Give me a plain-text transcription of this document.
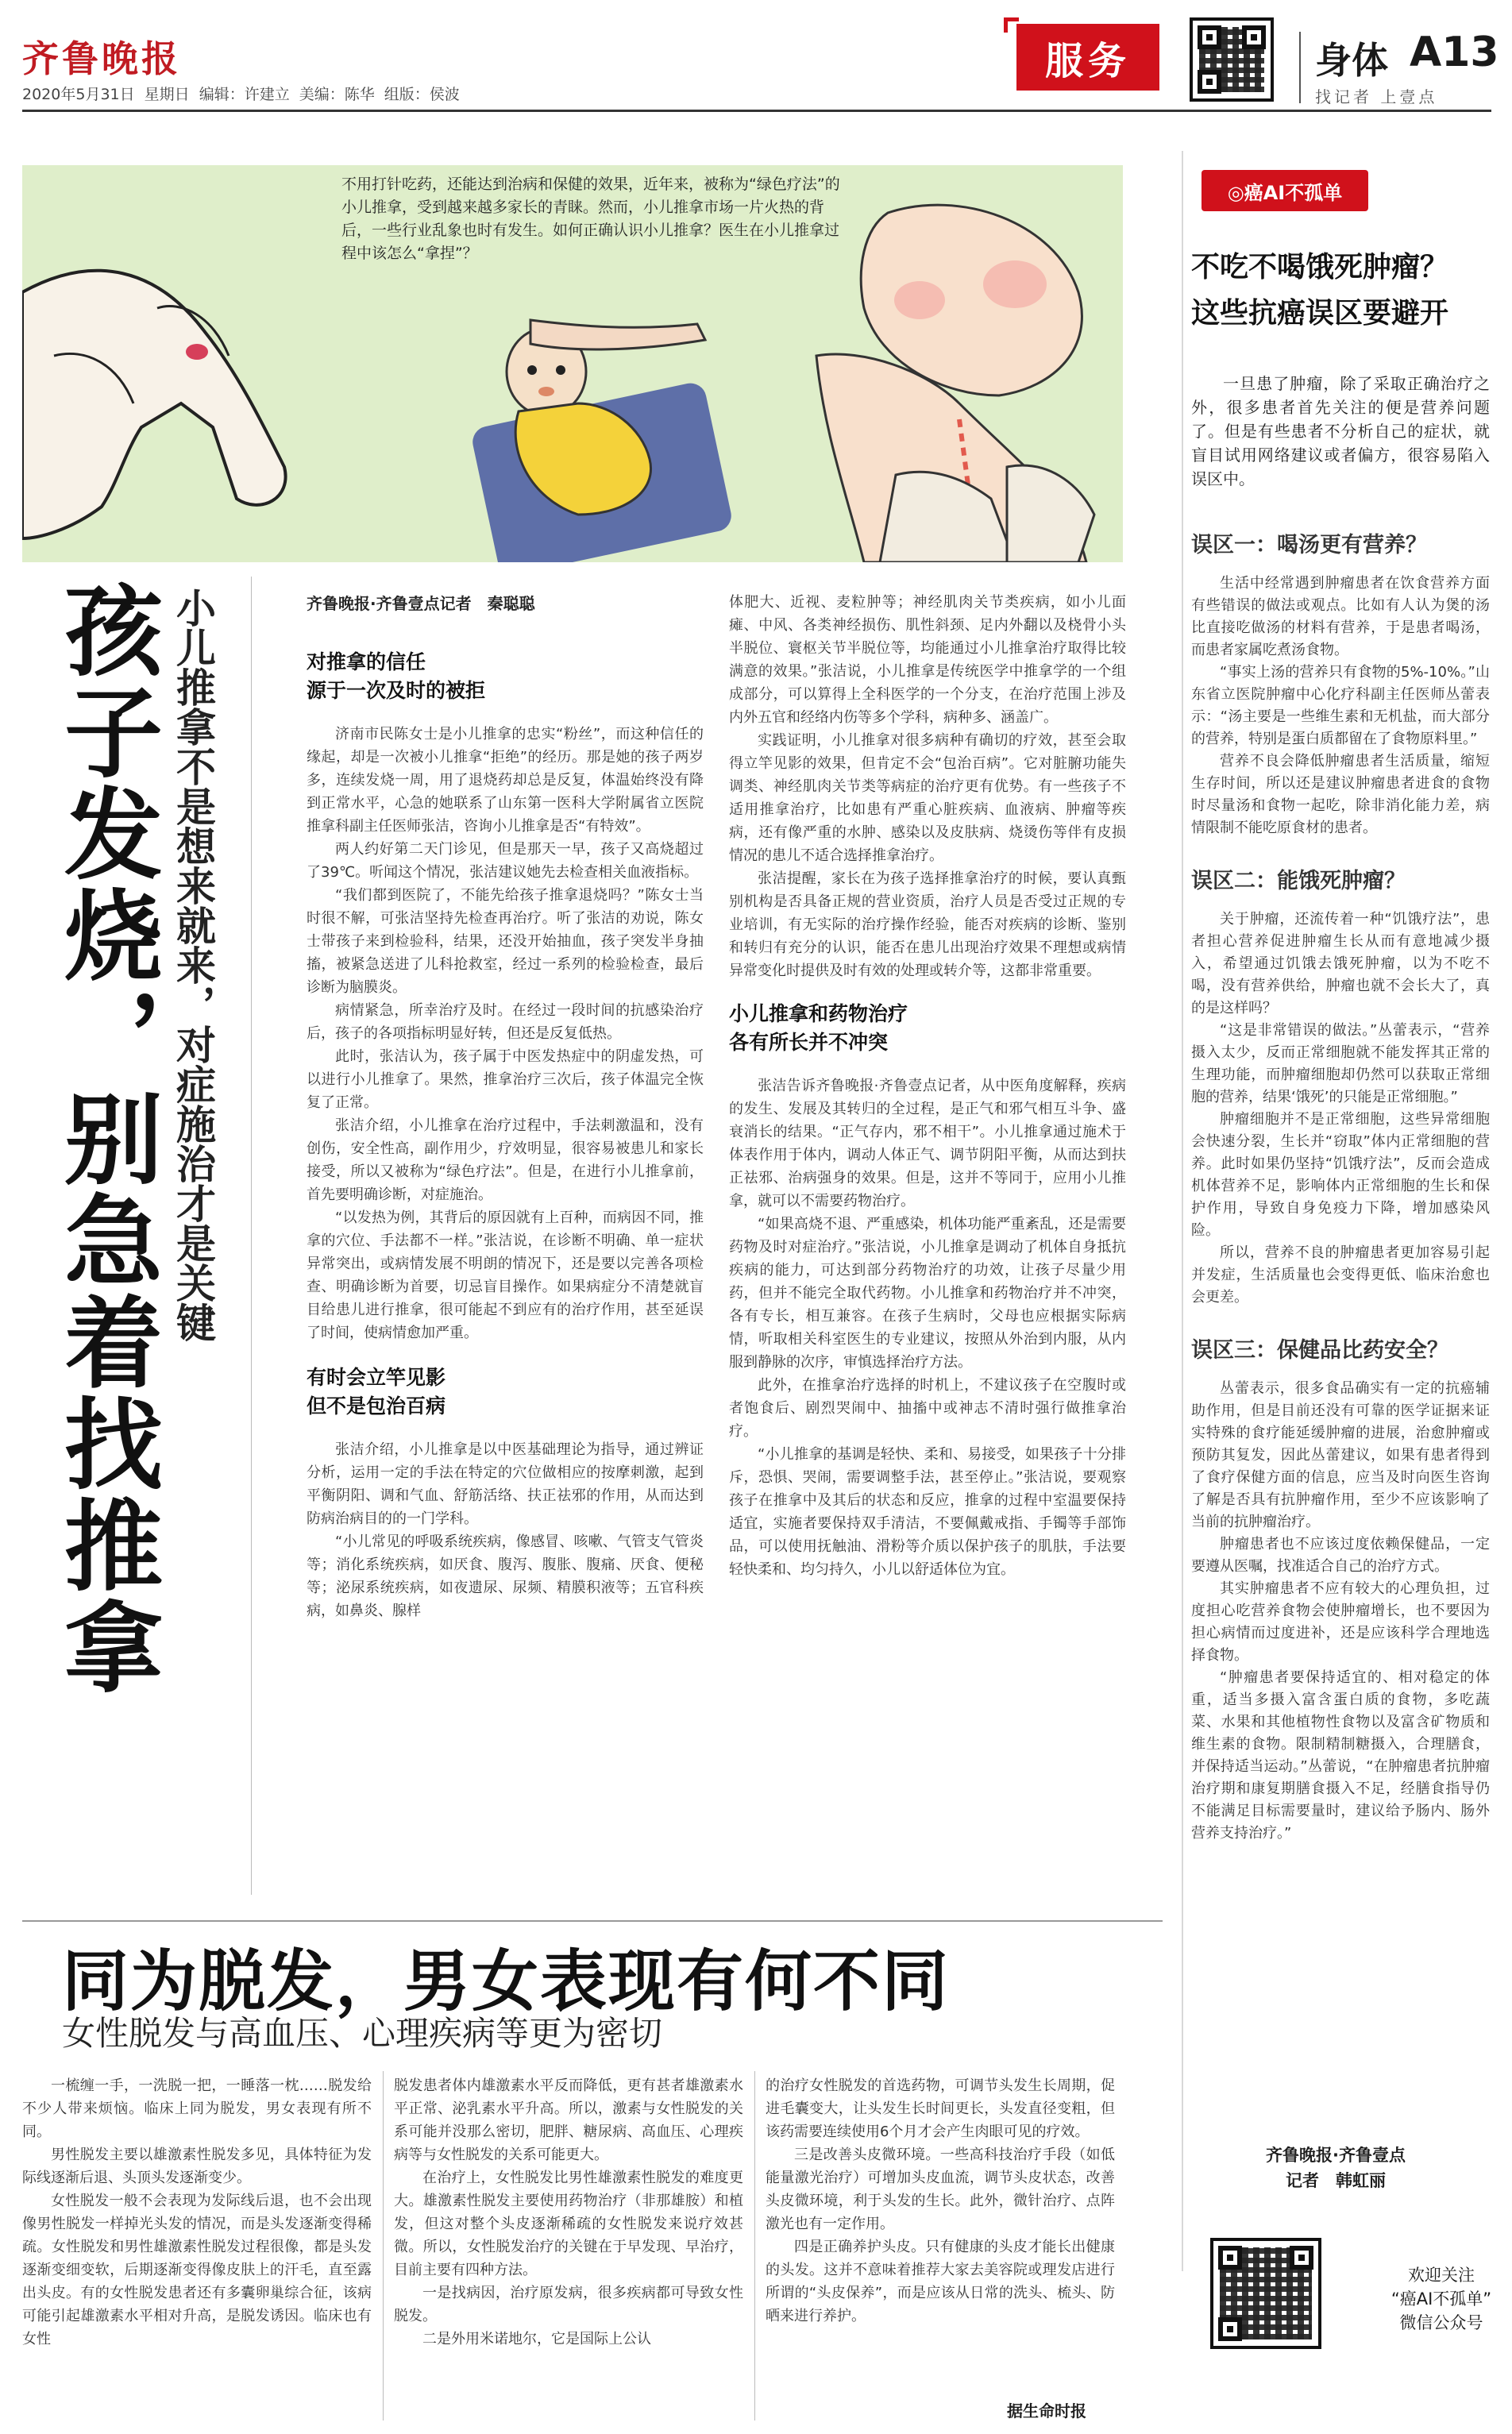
齐鲁晚报
2020年5月31日 星期日 编辑：许建立 美编：陈华 组版：侯波
服务	身体 A13
找记者 上壹点
不用打针吃药，还能达到治病和保健的效果，近年来，被称为“绿色疗法”的小儿推拿，受到越来越多家长的青睐。然而，小儿推拿市场一片火热的背后，一些行业乱象也时有发生。如何正确认识小儿推拿？医生在小儿推拿过程中该怎么“拿捏”？
孩子发烧，别急着找推拿 小儿推拿不是想来就来，对症施治才是关键	齐鲁晚报·齐鲁壹点记者　秦聪聪
对推拿的信任
源于一次及时的被拒

济南市民陈女士是小儿推拿的忠实“粉丝”，而这种信任的缘起，却是一次被小儿推拿“拒绝”的经历。那是她的孩子两岁多，连续发烧一周，用了退烧药却总是反复，体温始终没有降到正常水平，心急的她联系了山东第一医科大学附属省立医院推拿科副主任医师张洁，咨询小儿推拿是否“有特效”。

两人约好第二天门诊见，但是那天一早，孩子又高烧超过了39℃。听闻这个情况，张洁建议她先去检查相关血液指标。

“我们都到医院了，不能先给孩子推拿退烧吗？”陈女士当时很不解，可张洁坚持先检查再治疗。听了张洁的劝说，陈女士带孩子来到检验科，结果，还没开始抽血，孩子突发半身抽搐，被紧急送进了儿科抢救室，经过一系列的检验检查，最后诊断为脑膜炎。

病情紧急，所幸治疗及时。在经过一段时间的抗感染治疗后，孩子的各项指标明显好转，但还是反复低热。

此时，张洁认为，孩子属于中医发热症中的阴虚发热，可以进行小儿推拿了。果然，推拿治疗三次后，孩子体温完全恢复了正常。

张洁介绍，小儿推拿在治疗过程中，手法刺激温和，没有创伤，安全性高，副作用少，疗效明显，很容易被患儿和家长接受，所以又被称为“绿色疗法”。但是，在进行小儿推拿前，首先要明确诊断，对症施治。

“以发热为例，其背后的原因就有上百种，而病因不同，推拿的穴位、手法都不一样。”张洁说，在诊断不明确、单一症状异常突出，或病情发展不明朗的情况下，还是要以完善各项检查、明确诊断为首要，切忌盲目操作。如果病症分不清楚就盲目给患儿进行推拿，很可能起不到应有的治疗作用，甚至延误了时间，使病情愈加严重。

有时会立竿见影
但不是包治百病

张洁介绍，小儿推拿是以中医基础理论为指导，通过辨证分析，运用一定的手法在特定的穴位做相应的按摩刺激，起到平衡阴阳、调和气血、舒筋活络、扶正祛邪的作用，从而达到防病治病目的的一门学科。

“小儿常见的呼吸系统疾病，像感冒、咳嗽、气管支气管炎等；消化系统疾病，如厌食、腹泻、腹胀、腹痛、厌食、便秘等；泌尿系统疾病，如夜遗尿、尿频、精膜积液等；五官科疾病，如鼻炎、腺样

体肥大、近视、麦粒肿等；神经肌肉关节类疾病，如小儿面瘫、中风、各类神经损伤、肌性斜颈、足内外翻以及桡骨小头半脱位、寰枢关节半脱位等，均能通过小儿推拿治疗取得比较满意的效果。”张洁说，小儿推拿是传统医学中推拿学的一个组成部分，可以算得上全科医学的一个分支，在治疗范围上涉及内外五官和经络内伤等多个学科，病种多、涵盖广。

实践证明，小儿推拿对很多病种有确切的疗效，甚至会取得立竿见影的效果，但肯定不会“包治百病”。它对脏腑功能失调类、神经肌肉关节类等病症的治疗更有优势。有一些孩子不适用推拿治疗，比如患有严重心脏疾病、血液病、肿瘤等疾病，还有像严重的水肿、感染以及皮肤病、烧烫伤等伴有皮损情况的患儿不适合选择推拿治疗。

张洁提醒，家长在为孩子选择推拿治疗的时候，要认真甄别机构是否具备正规的营业资质，治疗人员是否受过正规的专业培训，有无实际的治疗操作经验，能否对疾病的诊断、鉴别和转归有充分的认识，能否在患儿出现治疗效果不理想或病情异常变化时提供及时有效的处理或转介等，这都非常重要。

小儿推拿和药物治疗
各有所长并不冲突

张洁告诉齐鲁晚报·齐鲁壹点记者，从中医角度解释，疾病的发生、发展及其转归的全过程，是正气和邪气相互斗争、盛衰消长的结果。“正气存内，邪不相干”。小儿推拿通过施术于体表作用于体内，调动人体正气、调节阴阳平衡，从而达到扶正祛邪、治病强身的效果。但是，这并不等同于，应用小儿推拿，就可以不需要药物治疗。

“如果高烧不退、严重感染，机体功能严重紊乱，还是需要药物及时对症治疗。”张洁说，小儿推拿是调动了机体自身抵抗疾病的能力，可达到部分药物治疗的功效，让孩子尽量少用药，但并不能完全取代药物。小儿推拿和药物治疗并不冲突，各有专长，相互兼容。在孩子生病时，父母也应根据实际病情，听取相关科室医生的专业建议，按照从外治到内服，从内服到静脉的次序，审慎选择治疗方法。

此外，在推拿治疗选择的时机上，不建议孩子在空腹时或者饱食后、剧烈哭闹中、抽搐中或神志不清时强行做推拿治疗。

“小儿推拿的基调是轻快、柔和、易接受，如果孩子十分排斥，恐惧、哭闹，需要调整手法，甚至停止。”张洁说，要观察孩子在推拿中及其后的状态和反应，推拿的过程中室温要保持适宜，实施者要保持双手清洁，不要佩戴戒指、手镯等手部饰品，可以使用抚触油、滑粉等介质以保护孩子的肌肤，手法要轻快柔和、均匀持久，小儿以舒适体位为宜。

◎癌AI不孤单
不吃不喝饿死肿瘤？
这些抗癌误区要避开
一旦患了肿瘤，除了采取正确治疗之外，很多患者首先关注的便是营养问题了。但是有些患者不分析自己的症状，就盲目试用网络建议或者偏方，很容易陷入误区中。
误区一：喝汤更有营养？

生活中经常遇到肿瘤患者在饮食营养方面有些错误的做法或观点。比如有人认为煲的汤比直接吃做汤的材料有营养，于是患者喝汤，而患者家属吃煮汤食物。

“事实上汤的营养只有食物的5%-10%。”山东省立医院肿瘤中心化疗科副主任医师丛蕾表示：“汤主要是一些维生素和无机盐，而大部分的营养，特别是蛋白质都留在了食物原料里。”

营养不良会降低肿瘤患者生活质量，缩短生存时间，所以还是建议肿瘤患者进食的食物时尽量汤和食物一起吃，除非消化能力差，病情限制不能吃原食材的患者。

误区二：能饿死肿瘤？

关于肿瘤，还流传着一种“饥饿疗法”，患者担心营养促进肿瘤生长从而有意地减少摄入，希望通过饥饿去饿死肿瘤，以为不吃不喝，没有营养供给，肿瘤也就不会长大了，真的是这样吗？

“这是非常错误的做法。”丛蕾表示，“营养摄入太少，反而正常细胞就不能发挥其正常的生理功能，而肿瘤细胞却仍然可以获取正常细胞的营养，结果‘饿死’的只能是正常细胞。”

肿瘤细胞并不是正常细胞，这些异常细胞会快速分裂，生长并“窃取”体内正常细胞的营养。此时如果仍坚持“饥饿疗法”，反而会造成机体营养不足，影响体内正常细胞的生长和保护作用，导致自身免疫力下降，增加感染风险。

所以，营养不良的肿瘤患者更加容易引起并发症，生活质量也会变得更低、临床治愈也会更差。

误区三：保健品比药安全？

丛蕾表示，很多食品确实有一定的抗癌辅助作用，但是目前还没有可靠的医学证据来证实特殊的食疗能延缓肿瘤的进展，治愈肿瘤或预防其复发，因此丛蕾建议，如果有患者得到了食疗保健方面的信息，应当及时向医生咨询了解是否具有抗肿瘤作用，至少不应该影响了当前的抗肿瘤治疗。

肿瘤患者也不应该过度依赖保健品，一定要遵从医嘱，找准适合自己的治疗方式。

其实肿瘤患者不应有较大的心理负担，过度担心吃营养食物会使肿瘤增长，也不要因为担心病情而过度进补，还是应该科学合理地选择食物。

“肿瘤患者要保持适宜的、相对稳定的体重，适当多摄入富含蛋白质的食物，多吃蔬菜、水果和其他植物性食物以及富含矿物质和维生素的食物。限制精制糖摄入，合理膳食，并保持适当运动。”丛蕾说，“在肿瘤患者抗肿瘤治疗期和康复期膳食摄入不足，经膳食指导仍不能满足目标需要量时，建议给予肠内、肠外营养支持治疗。”

齐鲁晚报·齐鲁壹点
记者　韩虹丽
欢迎关注
“癌AI不孤单”
微信公众号
同为脱发，男女表现有何不同
女性脱发与高血压、心理疾病等更为密切

一梳缠一手，一洗脱一把，一睡落一枕……脱发给不少人带来烦恼。临床上同为脱发，男女表现有所不同。

男性脱发主要以雄激素性脱发多见，具体特征为发际线逐渐后退、头顶头发逐渐变少。

女性脱发一般不会表现为发际线后退，也不会出现像男性脱发一样掉光头发的情况，而是头发逐渐变得稀疏。女性脱发和男性雄激素性脱发过程很像，都是头发逐渐变细变软，后期逐渐变得像皮肤上的汗毛，直至露出头皮。有的女性脱发患者还有多囊卵巢综合征，该病可能引起雄激素水平相对升高，是脱发诱因。临床也有女性

脱发患者体内雄激素水平反而降低，更有甚者雄激素水平正常、泌乳素水平升高。所以，激素与女性脱发的关系可能并没那么密切，肥胖、糖尿病、高血压、心理疾病等与女性脱发的关系可能更大。

在治疗上，女性脱发比男性雄激素性脱发的难度更大。雄激素性脱发主要使用药物治疗（非那雄胺）和植发，但这对整个头皮逐渐稀疏的女性脱发来说疗效甚微。所以，女性脱发治疗的关键在于早发现、早治疗，目前主要有四种方法。

一是找病因，治疗原发病，很多疾病都可导致女性脱发。

二是外用米诺地尔，它是国际上公认

的治疗女性脱发的首选药物，可调节头发生长周期，促进毛囊变大，让头发生长时间更长，头发直径变粗，但该药需要连续使用6个月才会产生肉眼可见的疗效。

三是改善头皮微环境。一些高科技治疗手段（如低能量激光治疗）可增加头皮血流，调节头皮状态，改善头皮微环境，利于头发的生长。此外，微针治疗、点阵激光也有一定作用。

四是正确养护头皮。只有健康的头皮才能长出健康的头发。这并不意味着推荐大家去美容院或理发店进行所谓的“头皮保养”，而是应该从日常的洗头、梳头、防晒来进行养护。

据生命时报
